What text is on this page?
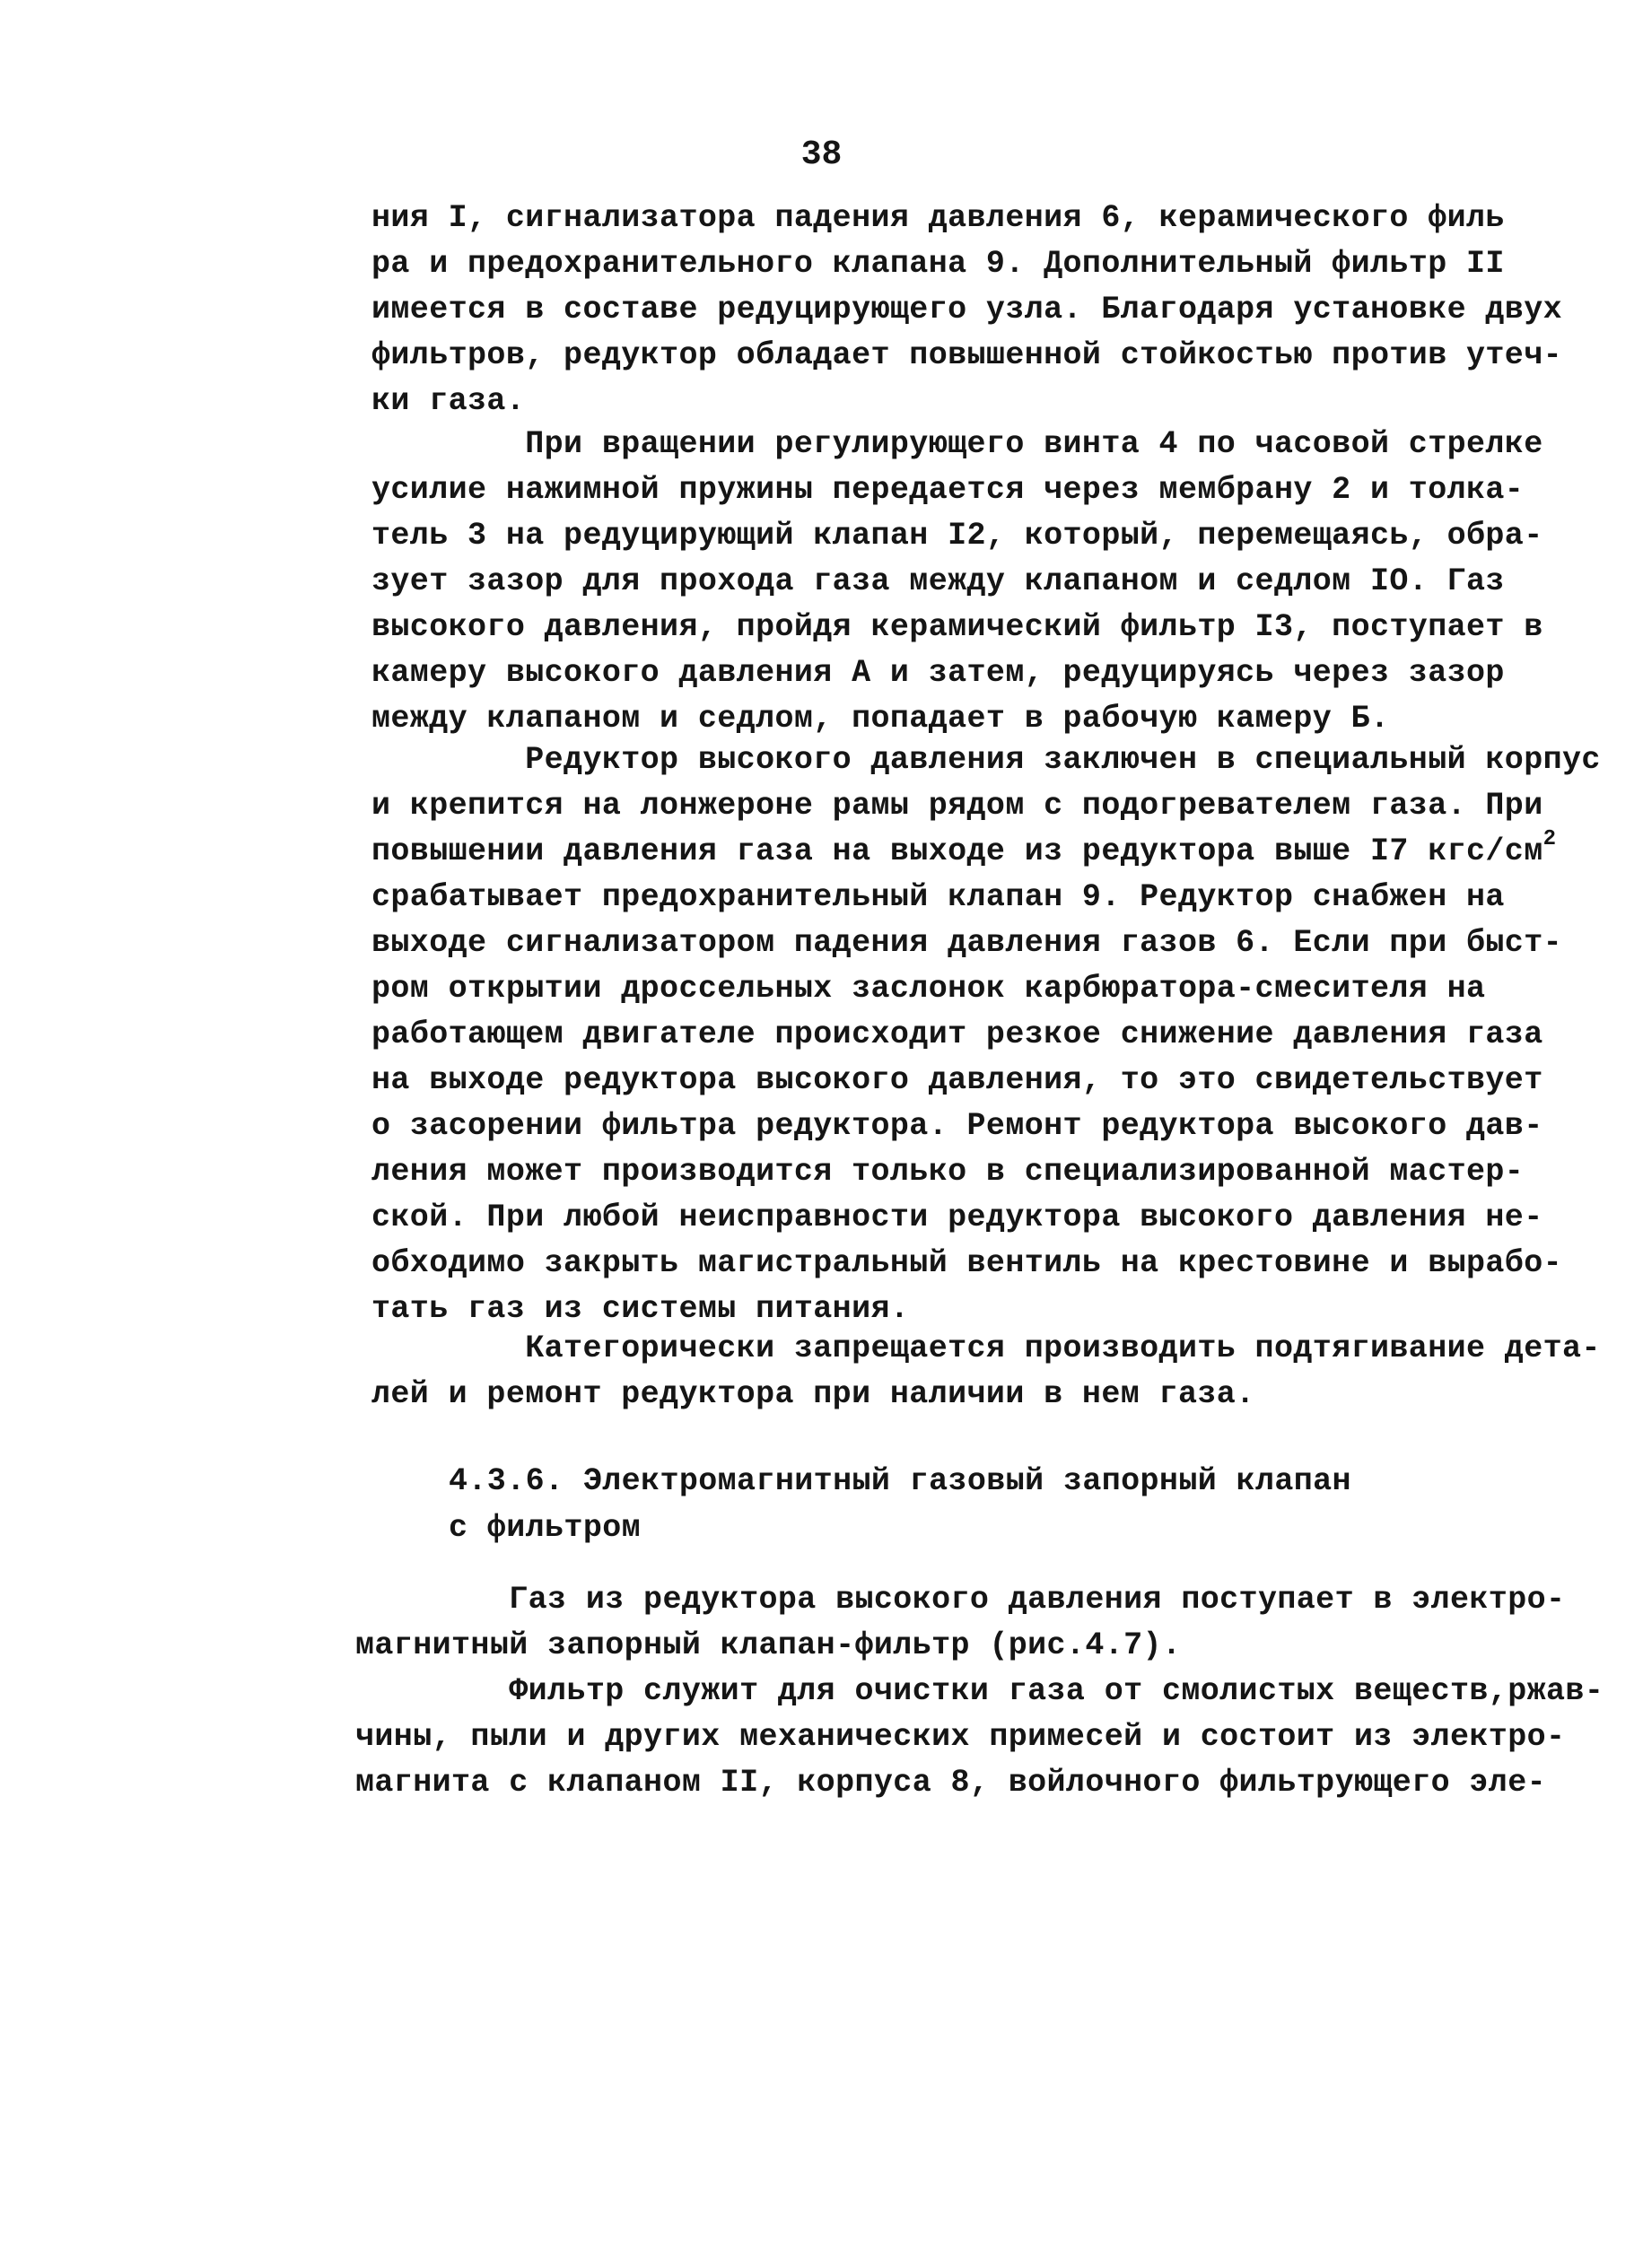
38
ния I, сигнализатора падения давления 6, керамического филь
ра и предохранительного клапана 9. Дополнительный фильтр II
имеется в составе редуцирующего узла. Благодаря установке двух
фильтров, редуктор обладает повышенной стойкостью против утеч-
ки газа.
При вращении регулирующего винта 4 по часовой стрелке
усилие нажимной пружины передается через мембрану 2 и толка-
тель 3 на редуцирующий клапан I2, который, перемещаясь, обра-
зует зазор для прохода газа между клапаном и седлом IO. Газ
высокого давления, пройдя керамический фильтр I3, поступает в
камеру высокого давления А и затем, редуцируясь через зазор
между клапаном и седлом, попадает в рабочую камеру Б.
Редуктор высокого давления заключен в специальный корпус
и крепится на лонжероне рамы рядом с подогревателем газа. При
повышении давления газа на выходе из редуктора выше I7 кгс/$см^2$
срабатывает предохранительный клапан 9. Редуктор снабжен на
выходе сигнализатором падения давления газов 6. Если при быст-
ром открытии дроссельных заслонок карбюратора-смесителя на
работающем двигателе происходит резкое снижение давления газа
на выходе редуктора высокого давления, то это свидетельствует
о засорении фильтра редуктора. Ремонт редуктора высокого дав-
ления может производится только в специализированной мастер-
ской. При любой неисправности редуктора высокого давления не-
обходимо закрыть магистральный вентиль на крестовине и вырабо-
тать газ из системы питания.
Категорически запрещается производить подтягивание дета-
лей и ремонт редуктора при наличии в нем газа.
4.3.6. Электромагнитный газовый запорный клапан
с фильтром
Газ из редуктора высокого давления поступает в электро-
магнитный запорный клапан-фильтр (рис.4.7).
Фильтр служит для очистки газа от смолистых веществ,ржав-
чины, пыли и других механических примесей и состоит из электро-
магнита с клапаном II, корпуса 8, войлочного фильтрующего эле-
